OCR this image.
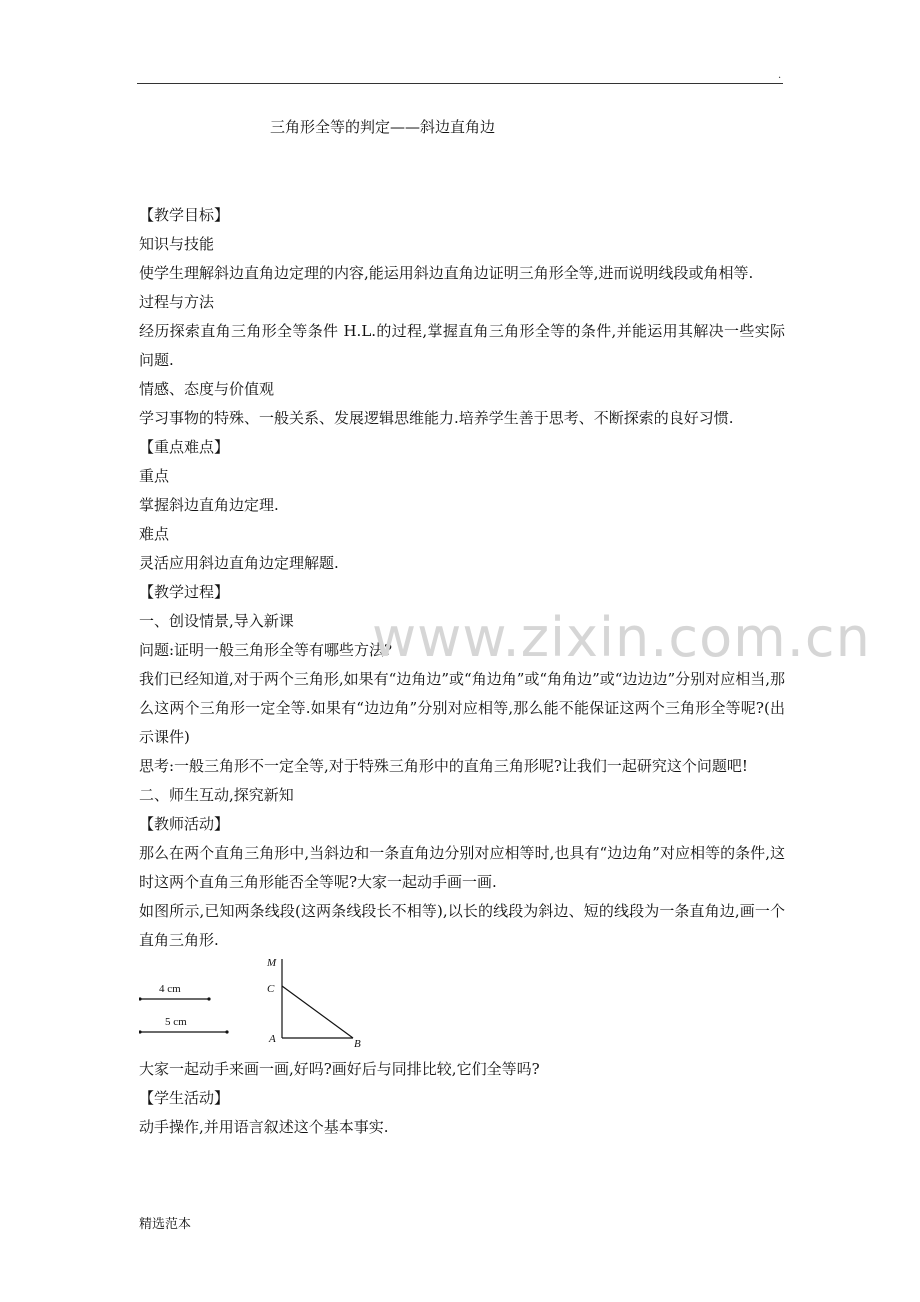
.
三角形全等的判定——斜边直角边

【教学目标】

知识与技能

使学生理解斜边直角边定理的内容,能运用斜边直角边证明三角形全等,进而说明线段或角相等.

过程与方法

经历探索直角三角形全等条件 H.L.的过程,掌握直角三角形全等的条件,并能运用其解决一些实际问题.

情感、态度与价值观

学习事物的特殊、一般关系、发展逻辑思维能力.培养学生善于思考、不断探索的良好习惯.

【重点难点】

重点

掌握斜边直角边定理.

难点

灵活应用斜边直角边定理解题.

【教学过程】

一、创设情景,导入新课

问题:证明一般三角形全等有哪些方法?

我们已经知道,对于两个三角形,如果有“边角边”或“角边角”或“角角边”或“边边边”分别对应相当,那么这两个三角形一定全等.如果有“边边角”分别对应相等,那么能不能保证这两个三角形全等呢?(出示课件)

思考:一般三角形不一定全等,对于特殊三角形中的直角三角形呢?让我们一起研究这个问题吧!

二、师生互动,探究新知

【教师活动】

那么在两个直角三角形中,当斜边和一条直角边分别对应相等时,也具有“边边角”对应相等的条件,这时这两个直角三角形能否全等呢?大家一起动手画一画.

如图所示,已知两条线段(这两条线段长不相等),以长的线段为斜边、短的线段为一条直角边,画一个直角三角形.

4 cm
5 cm
M
C
A	B

大家一起动手来画一画,好吗?画好后与同排比较,它们全等吗?

【学生活动】

动手操作,并用语言叙述这个基本事实.

www.zixin.com.cn
精选范本
